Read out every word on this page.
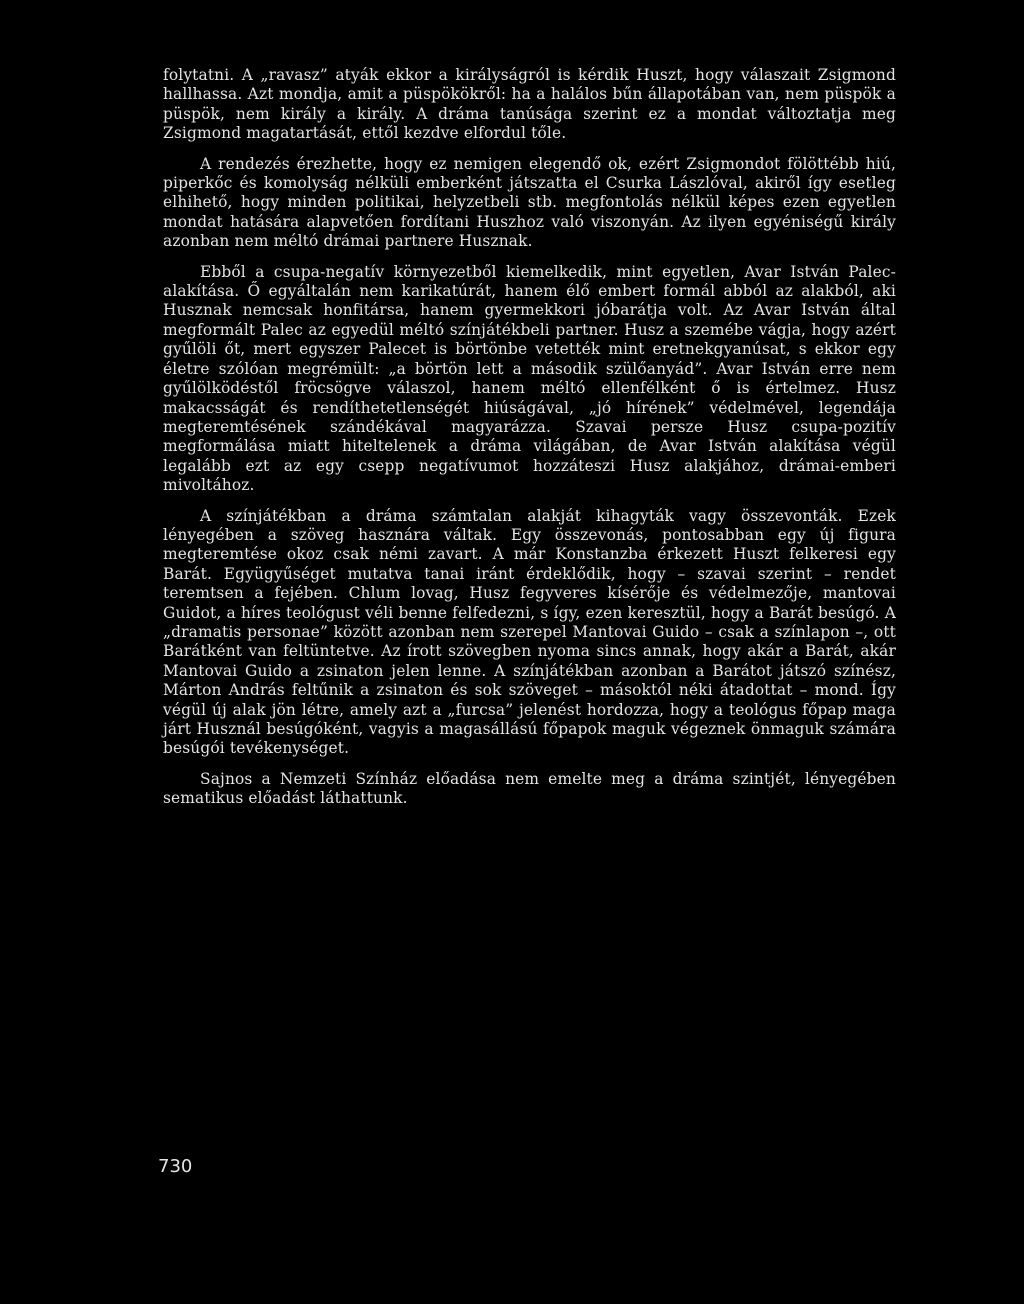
folytatni. A „ravasz” atyák ekkor a királyságról is kérdik Huszt, hogy válaszait Zsigmond hallhassa. Azt mondja, amit a püspökökről: ha a halálos bűn állapotában van, nem püspök a püspök, nem király a király. A dráma tanúsága szerint ez a mondat változtatja meg Zsigmond magatartását, ettől kezdve elfordul tőle.

A rendezés érezhette, hogy ez nemigen elegendő ok, ezért Zsigmondot fölöttébb hiú, piperkőc és komolyság nélküli emberként játszatta el Csurka Lászlóval, akiről így esetleg elhihető, hogy minden politikai, helyzetbeli stb. megfontolás nélkül képes ezen egyetlen mondat hatására alapvetően fordítani Huszhoz való viszonyán. Az ilyen egyéniségű király azonban nem méltó drámai partnere Husznak.

Ebből a csupa-negatív környezetből kiemelkedik, mint egyetlen, Avar István Palec-alakítása. Ő egyáltalán nem karikatúrát, hanem élő embert formál abból az alakból, aki Husznak nemcsak honfitársa, hanem gyermekkori jóbarátja volt. Az Avar István által megformált Palec az egyedül méltó színjátékbeli partner. Husz a szemébe vágja, hogy azért gyűlöli őt, mert egyszer Palecet is börtönbe vetették mint eretnekgyanúsat, s ekkor egy életre szólóan megrémült: „a börtön lett a második szülőanyád”. Avar István erre nem gyűlölködéstől fröcsögve válaszol, hanem méltó ellenfélként ő is értelmez. Husz makacsságát és rendíthetetlenségét hiúságával, „jó hírének” védelmével, legendája megteremtésének szándékával magyarázza. Szavai persze Husz csupa-pozitív megformálása miatt hiteltelenek a dráma világában, de Avar István alakítása végül legalább ezt az egy csepp negatívumot hozzáteszi Husz alakjához, drámai-emberi mivoltához.

A színjátékban a dráma számtalan alakját kihagyták vagy összevonták. Ezek lényegében a szöveg hasznára váltak. Egy összevonás, pontosabban egy új figura megteremtése okoz csak némi zavart. A már Konstanzba érkezett Huszt felkeresi egy Barát. Együgyűséget mutatva tanai iránt érdeklődik, hogy – szavai szerint – rendet teremtsen a fejében. Chlum lovag, Husz fegyveres kísérője és védelmezője, mantovai Guidot, a híres teológust véli benne felfedezni, s így, ezen keresztül, hogy a Barát besúgó. A „dramatis personae” között azonban nem szerepel Mantovai Guido – csak a színlapon –, ott Barátként van feltüntetve. Az írott szövegben nyoma sincs annak, hogy akár a Barát, akár Mantovai Guido a zsinaton jelen lenne. A színjátékban azonban a Barátot játszó színész, Márton András feltűnik a zsinaton és sok szöveget – másoktól néki átadottat – mond. Így végül új alak jön létre, amely azt a „furcsa” jelenést hordozza, hogy a teológus főpap maga járt Husznál besúgóként, vagyis a magasállású főpapok maguk végeznek önmaguk számára besúgói tevékenységet.

Sajnos a Nemzeti Színház előadása nem emelte meg a dráma szintjét, lényegében sematikus előadást láthattunk.

730
